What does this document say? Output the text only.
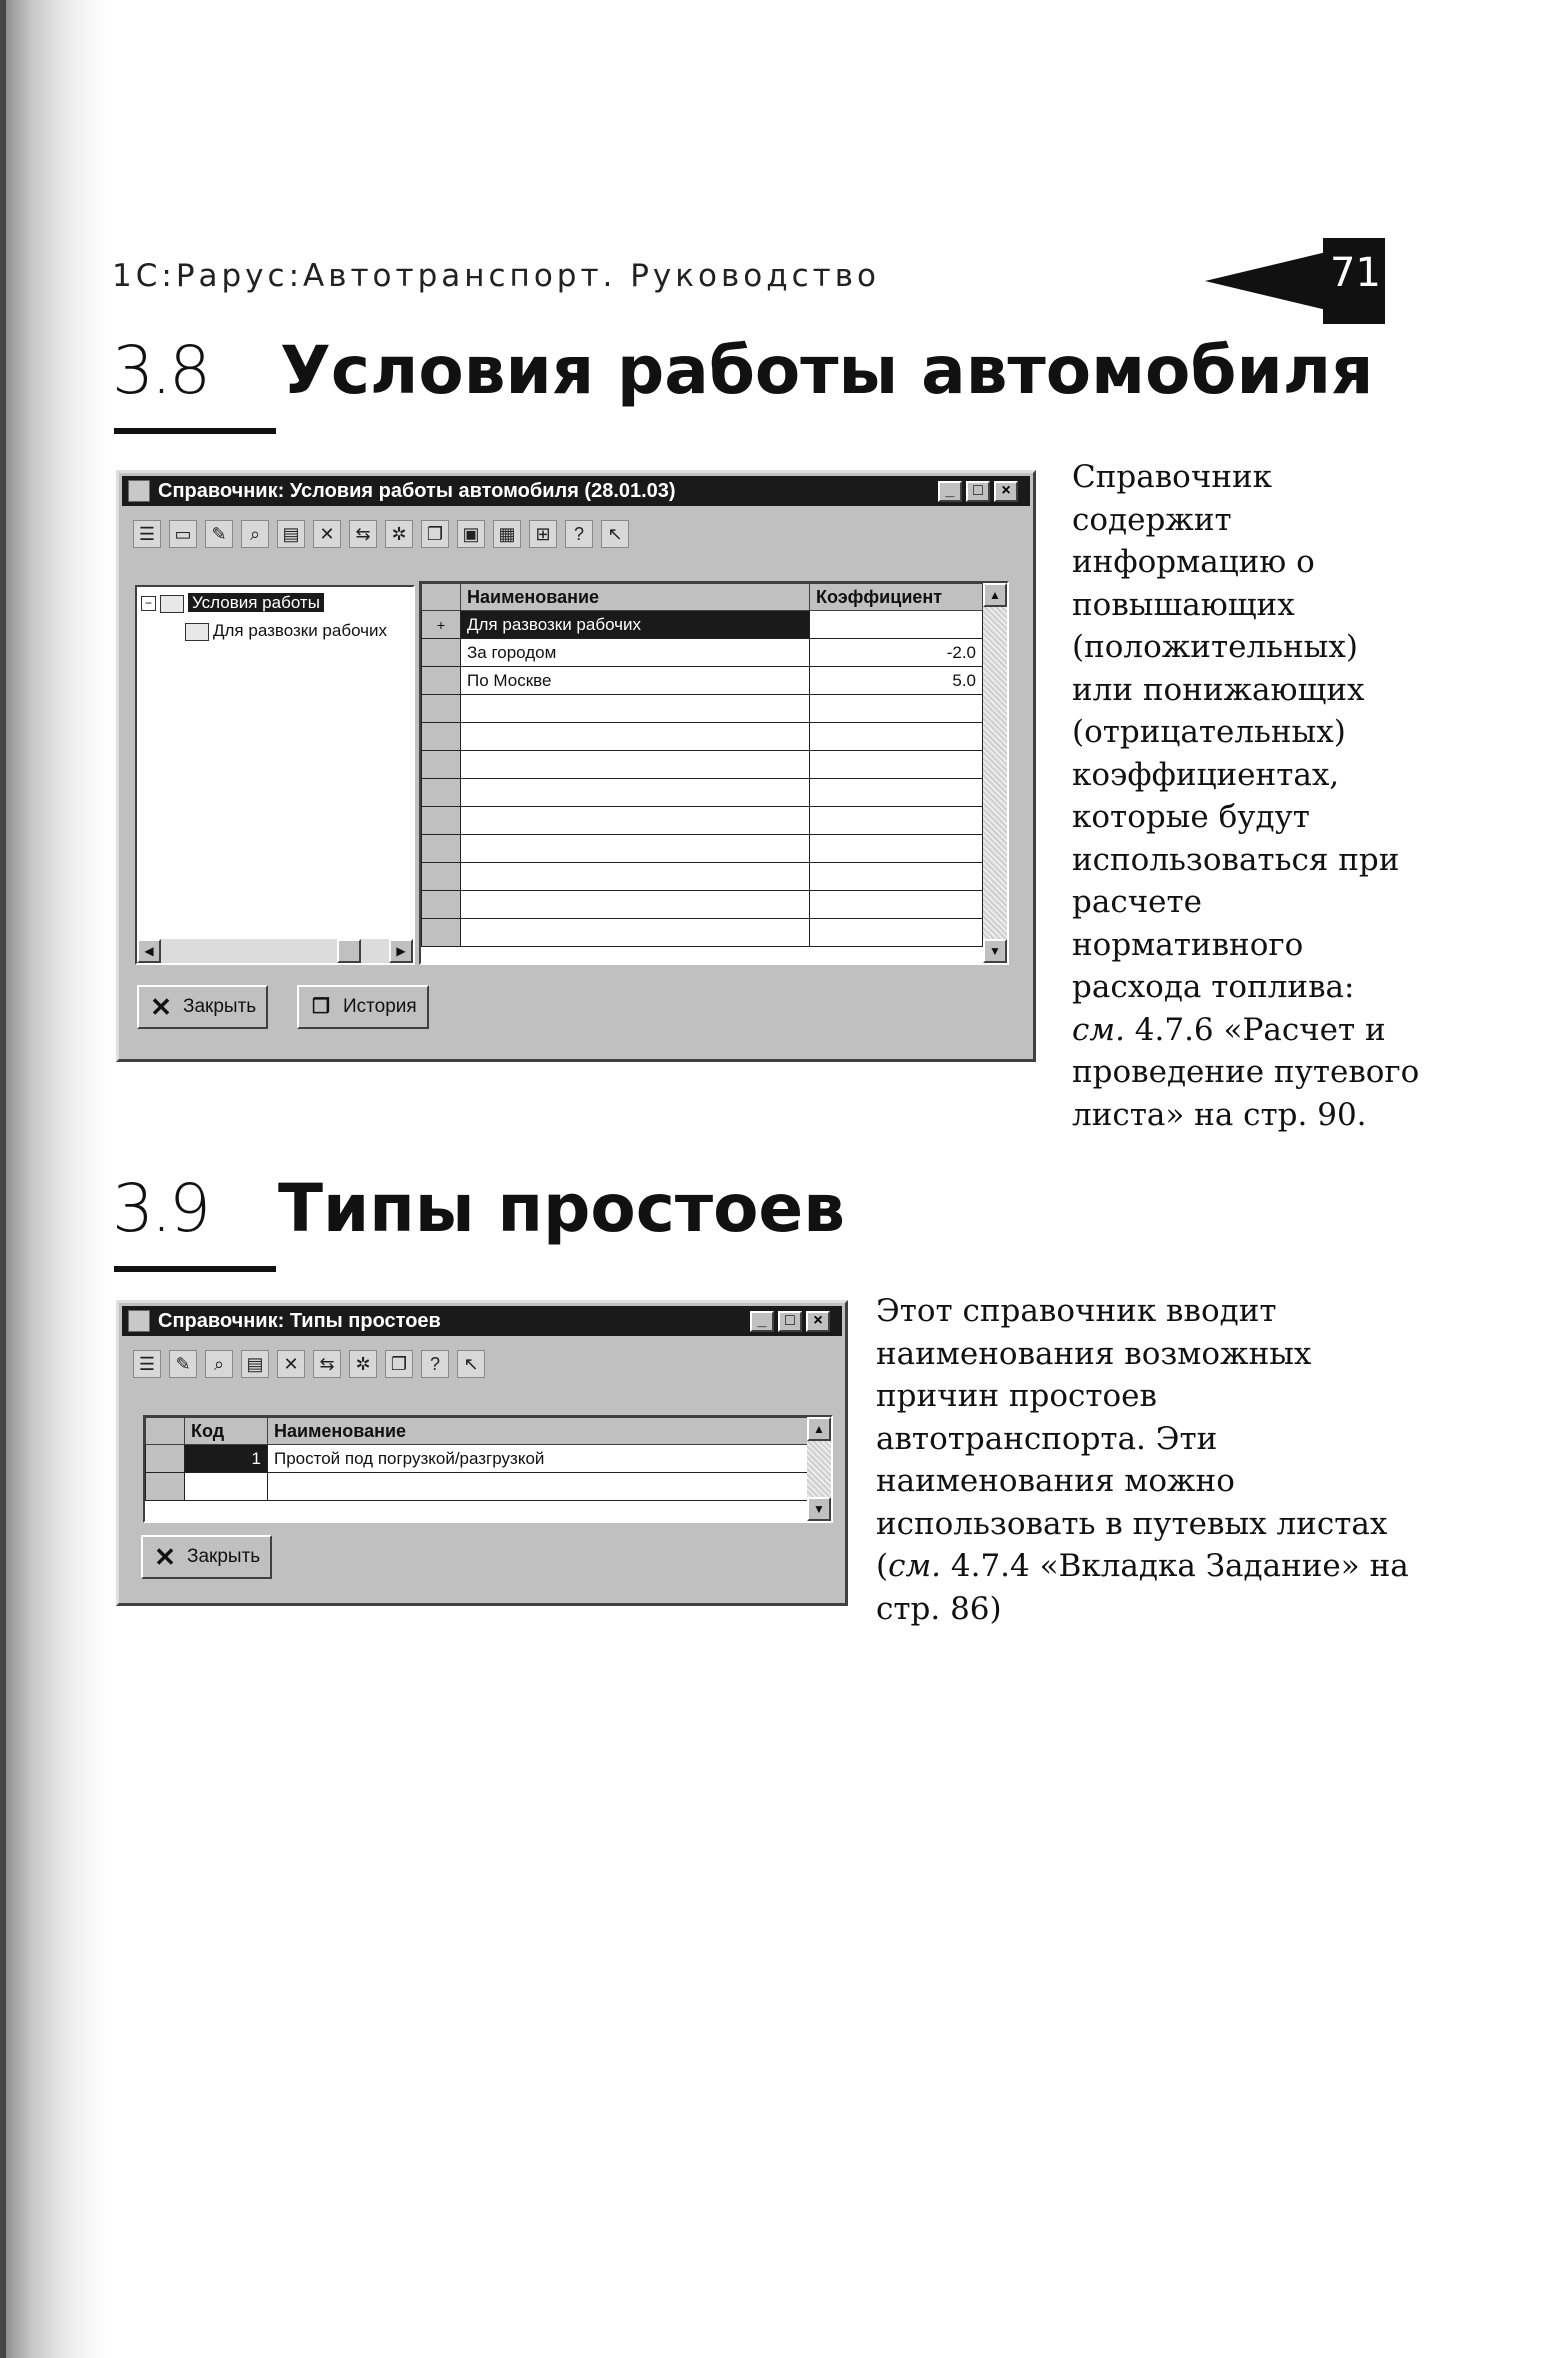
1С:Рарус:Автотранспорт. Руководство	71
3.8 Условия работы автомобиля
Справочник: Условия работы автомобиля (28.01.03)	_	□	×
☰	▭	✎	⌕	▤	✕	⇆	✲	❐	▣	▦	⊞	?	↖
− Условия работы
Для развозки рабочих
◀	▶
	Наименование	Коэффициент
+	Для развозки рабочих	
	За городом	-2.0
	По Москве	5.0

▲
▼
✕ Закрыть	❐ История
Справочник
содержит
информацию о
повышающих
(положительных)
или понижающих
(отрицательных)
коэффициентах,
которые будут
использоваться при
расчете
нормативного
расхода топлива:
см. 4.7.6 «Расчет и
проведение путевого
листа» на стр. 90.
3.9 Типы простоев
Справочник: Типы простоев	_	□	×
☰	✎	⌕	▤	✕	⇆	✲	❐	?	↖
	Код	Наименование
	1	Простой под погрузкой/разгрузкой

▲
▼
✕ Закрыть
Этот справочник вводит
наименования возможных
причин простоев
автотранспорта. Эти
наименования можно
использовать в путевых листах
(см. 4.7.4 «Вкладка Задание» на
стр. 86)
